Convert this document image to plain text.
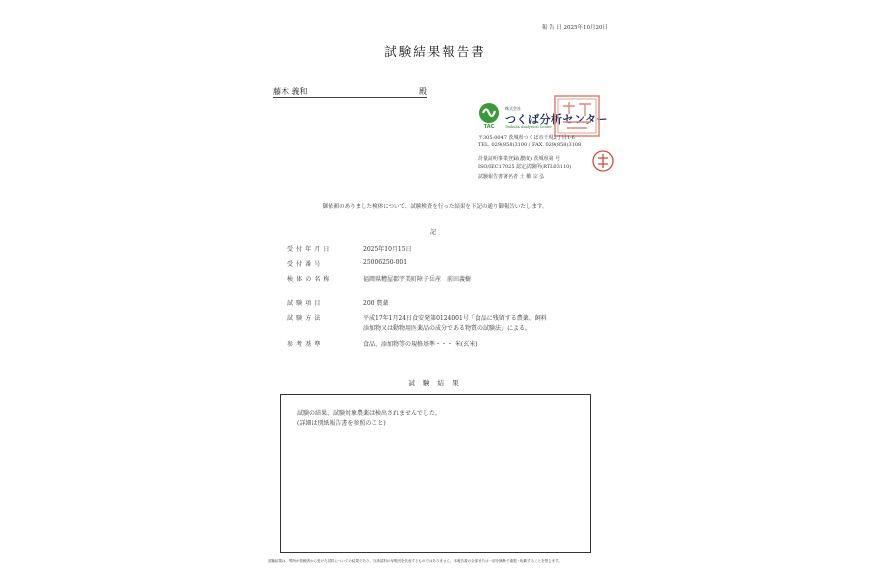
報 告 日 2025年10月20日
試験結果報告書
藤木 義和	殿
TAC
株式会社
つくば分析センター
Tsukuba Analytical Center
〒305-0047 茨城県つくば市千現2丁目1-6
TEL. 029(858)3100 / FAX. 029(858)3108
計量証明事業登録(濃度) 茨城県第 号
ISO/IEC17025 認定試験所(RTL03110)
試験報告書署名者 土 橋 宗 弘
御依頼のありました検体について、試験検査を行った結果を下記の通り御報告いたします。
記
受 付 年 月 日	2025年10月15日
受 付 番 号	25006250-001
検 体 の 名 称	福岡県糟屋郡宇美町障子岳産　前田義樹
試 験 項 目	200 農薬
試 験 方 法	平成17年1月24日食安発第0124001号「食品に残留する農薬、飼料
添加物又は動物用医薬品の成分である物質の試験法」による。
参 考 基 準	食品、添加物等の規格基準・・・ 米(玄米)
試 験 結 果
試験の結果、試験対象農薬は検出されませんでした。
(詳細は別紙報告書を参照のこと)
試験結果は、弊所が依頼者から受けた試料についての結果であり、当該試料の母集団を代表するものではありません。本報告書の全部または一部を無断で複製・転載することを禁じます。
